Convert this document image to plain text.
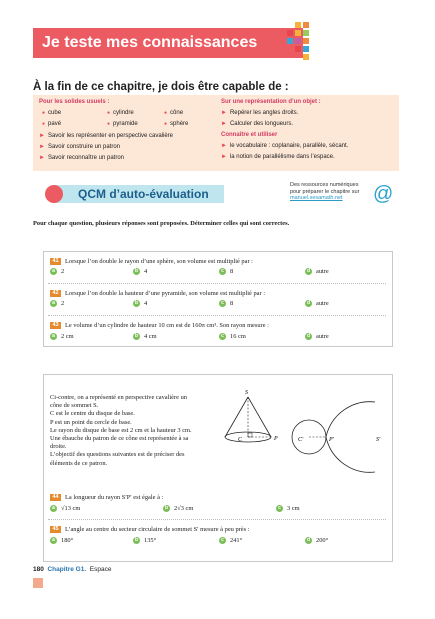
Je teste mes connaissances
À la fin de ce chapitre, je dois être capable de :
Pour les solides usuels :
● cube	● cylindre	● cône
● pavé	● pyramide	● sphère
► Savoir les représenter en perspective cavalière
► Savoir construire un patron
► Savoir reconnaître un patron
Sur une représentation d’un objet :
► Repérer les angles droits.
► Calculer des longueurs.
Connaître et utiliser
► le vocabulaire : coplanaire, parallèle, sécant.
► la notion de parallélisme dans l’espace.
QCM d’auto-évaluation
Des ressources numériques
pour préparer le chapitre sur
manuel.sesamath.net	@
Pour chaque question, plusieurs réponses sont proposées. Déterminer celles qui sont correctes.
41 Lorsque l’on double le rayon d’une sphère, son volume est multiplié par :
a 2	b 4	c 8	d autre
42 Lorsque l’on double la hauteur d’une pyramide, son volume est multiplié par :
a 2	b 4	c 8	d autre
43 Le volume d’un cylindre de hauteur 10 cm est de 160π cm³. Son rayon mesure :
a 2 cm	b 4 cm	c 16 cm	d autre
Ci-contre, on a représenté en perspective cavalière un
cône de sommet S.
C est le centre du disque de base.
P est un point du cercle de base.
Le rayon du disque de base est 2 cm et la hauteur 3 cm.
Une ébauche du patron de ce cône est représentée à sa
droite.
L’objectif des questions suivantes est de préciser des
éléments de ce patron.
S
C	P	C′	P′	S′
44 La longueur du rayon S′P′ est égale à :
a √13 cm	b 2√3 cm	c 3 cm
45 L’angle au centre du secteur circulaire de sommet S′ mesure à peu près :
a 180°	b 135°	c 241°	d 200°
180 Chapitre G1. Espace
